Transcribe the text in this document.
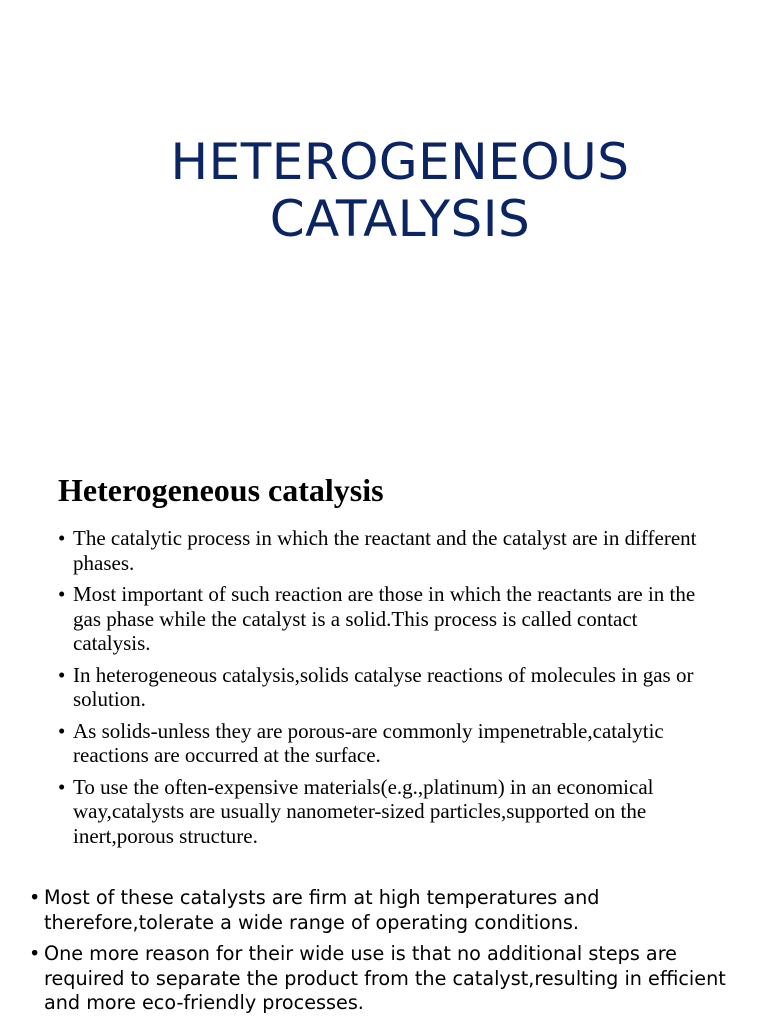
HETEROGENEOUS
CATALYSIS
Heterogeneous catalysis
• The catalytic process in which the reactant and the catalyst are in different phases.
• Most important of such reaction are those in which the reactants are in the gas phase while the catalyst is a solid.This process is called contact catalysis.
• In heterogeneous catalysis,solids catalyse reactions of molecules in gas or solution.
• As solids-unless they are porous-are commonly impenetrable,catalytic reactions are occurred at the surface.
• To use the often-expensive materials(e.g.,platinum) in an economical way,catalysts are usually nanometer-sized particles,supported on the inert,porous structure.
• Most of these catalysts are firm at high temperatures and therefore,tolerate a wide range of operating conditions.
• One more reason for their wide use is that no additional steps are required to separate the product from the catalyst,resulting in efficient and more eco-friendly processes.
